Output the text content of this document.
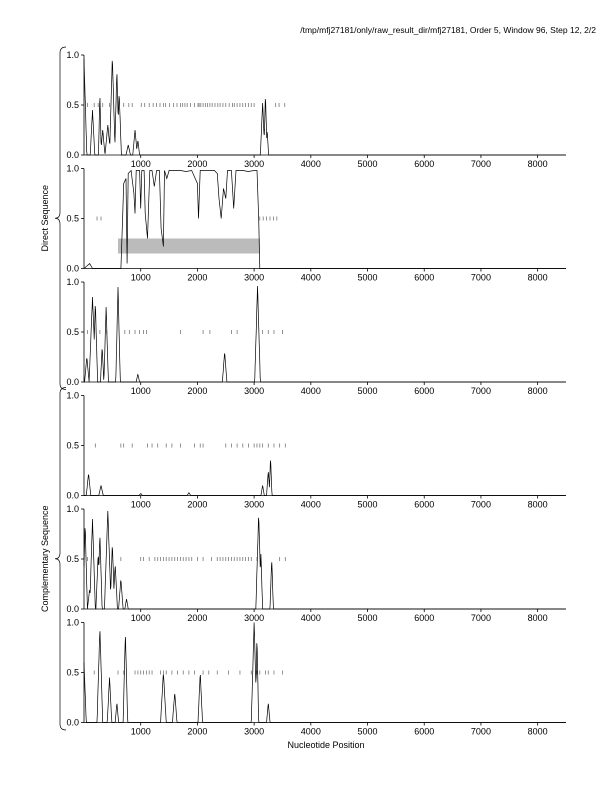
/tmp/mfj27181/only/raw_result_dir/mfj27181, Order 5, Window 96, Step 12, 2/2
0.0
0.5
1.0
1000	2000	3000	4000	5000	6000	7000	8000
0.0
0.5
1.0
1000	2000	3000	4000	5000	6000	7000	8000
0.0
0.5
1.0
1000	2000	3000	4000	5000	6000	7000	8000
0.0
0.5
1.0
1000	2000	3000	4000	5000	6000	7000	8000
0.0
0.5
1.0
1000	2000	3000	4000	5000	6000	7000	8000
0.0
0.5
1.0
1000	2000	3000	4000	5000	6000	7000	8000
Direct Sequence
Complementary Sequence
Nucleotide Position
